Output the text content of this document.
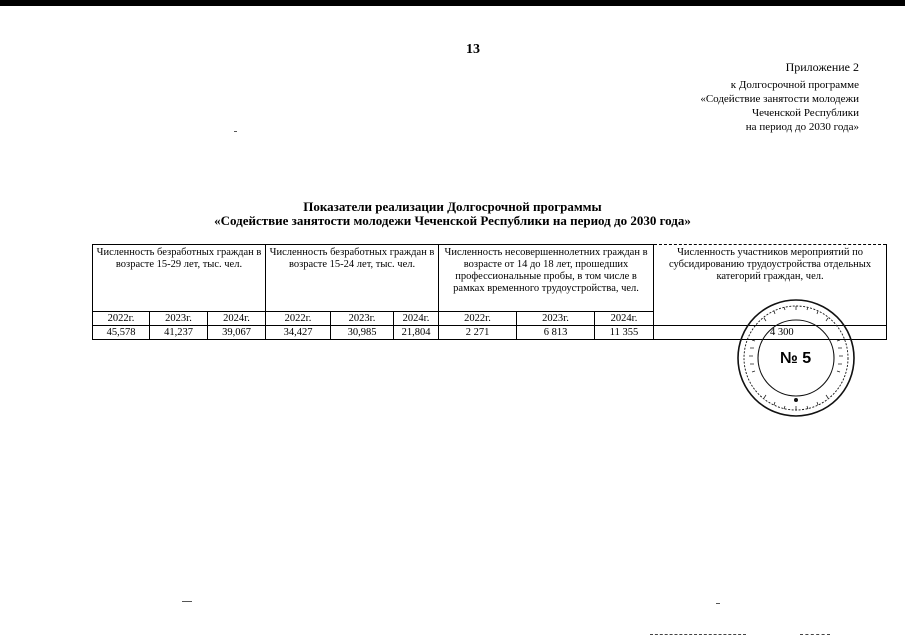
13
Приложение 2
к Долгосрочной программе
«Содействие занятости молодежи
Чеченской Республики
на период до 2030 года»
Показатели реализации Долгосрочной программы
«Содействие занятости молодежи Чеченской Республики на период до 2030 года»
Численность безработных граждан в возрасте 15-29 лет, тыс. чел.			Численность безработных граждан в возрасте 15-24 лет, тыс. чел.			Численность несовершеннолетних граждан в возрасте от 14 до 18 лет, прошедших профессиональные пробы, в том числе в рамках временного трудоустройства, чел.			Численность участников мероприятий по субсидированию трудоустройства отдельных категорий граждан, чел.
2022г.	2023г.	2024г.	2022г.	2023г.	2024г.	2022г.	2023г.	2024г.	
45,578	41,237	39,067	34,427	30,985	21,804	2 271	6 813	11 355		4 300
№ 5
